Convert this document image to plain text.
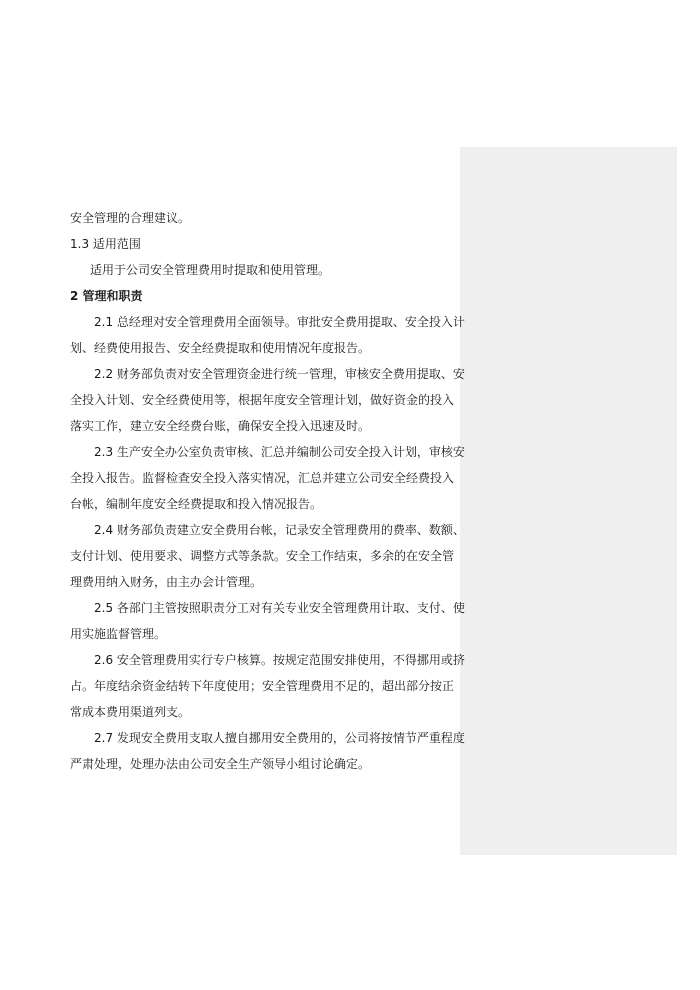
安全管理的合理建议。
1.3 适用范围
适用于公司安全管理费用时提取和使用管理。
2 管理和职责
2.1 总经理对安全管理费用全面领导。审批安全费用提取、安全投入计
划、经费使用报告、安全经费提取和使用情况年度报告。
2.2 财务部负责对安全管理资金进行统一管理，审核安全费用提取、安
全投入计划、安全经费使用等，根据年度安全管理计划，做好资金的投入
落实工作，建立安全经费台账，确保安全投入迅速及时。
2.3 生产安全办公室负责审核、汇总并编制公司安全投入计划，审核安
全投入报告。监督检查安全投入落实情况，汇总并建立公司安全经费投入
台帐，编制年度安全经费提取和投入情况报告。
2.4 财务部负责建立安全费用台帐，记录安全管理费用的费率、数额、
支付计划、使用要求、调整方式等条款。安全工作结束，多余的在安全管
理费用纳入财务，由主办会计管理。
2.5 各部门主管按照职责分工对有关专业安全管理费用计取、支付、使
用实施监督管理。
2.6 安全管理费用实行专户核算。按规定范围安排使用，不得挪用或挤
占。年度结余资金结转下年度使用；安全管理费用不足的，超出部分按正
常成本费用渠道列支。
2.7 发现安全费用支取人擅自挪用安全费用的，公司将按情节严重程度
严肃处理，处理办法由公司安全生产领导小组讨论确定。
